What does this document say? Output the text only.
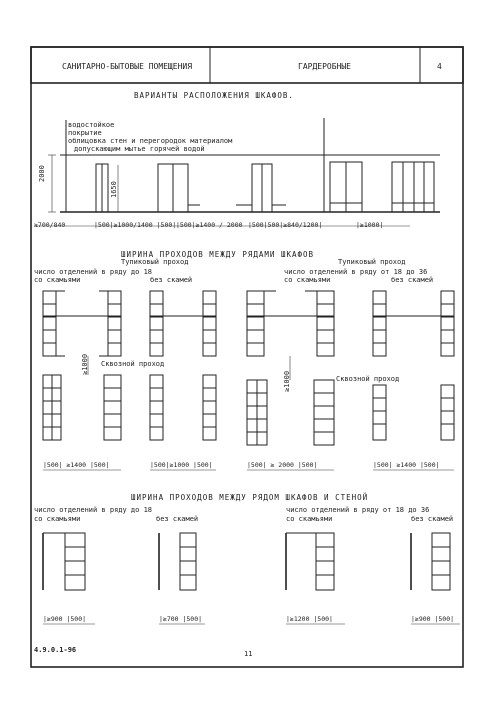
САНИТАРНО-БЫТОВЫЕ ПОМЕЩЕНИЯ	ГАРДЕРОБНЫЕ	4
ВАРИАНТЫ РАСПОЛОЖЕНИЯ ШКАФОВ.
водостойкое
покрытие
облицовка стен и перегородок материалом
допускающим мытье горячей водой
2000
1650
≥700/840	|500|≥1000/1400 |500| |500|≥1400 / 2000 |500|500|≥840/1200|	|≥1000|
ШИРИНА ПРОХОДОВ МЕЖДУ РЯДАМИ ШКАФОВ
Тупиковый проход
число отделений в ряду до 18
со скамьями	без скамей
Тупиковый проход
число отделений в ряду от 18 до 36
со скамьями	без скамей
Сквозной проход
Сквозной проход
≥1000
≥1000
|500| ≥1400 |500|	|500|≥1000 |500|	|500| ≥ 2000 |500|	|500| ≥1400 |500|
ШИРИНА ПРОХОДОВ МЕЖДУ РЯДОМ ШКАФОВ И СТЕНОЙ
число отделений в ряду до 18
со скамьями	без скамей
число отделений в ряду от 18 до 36
со скамьями	без скамей
|≥900 |500|	|≥700 |500|	|≥1200 |500|	|≥900 |500|
4.9.0.1-96	11
